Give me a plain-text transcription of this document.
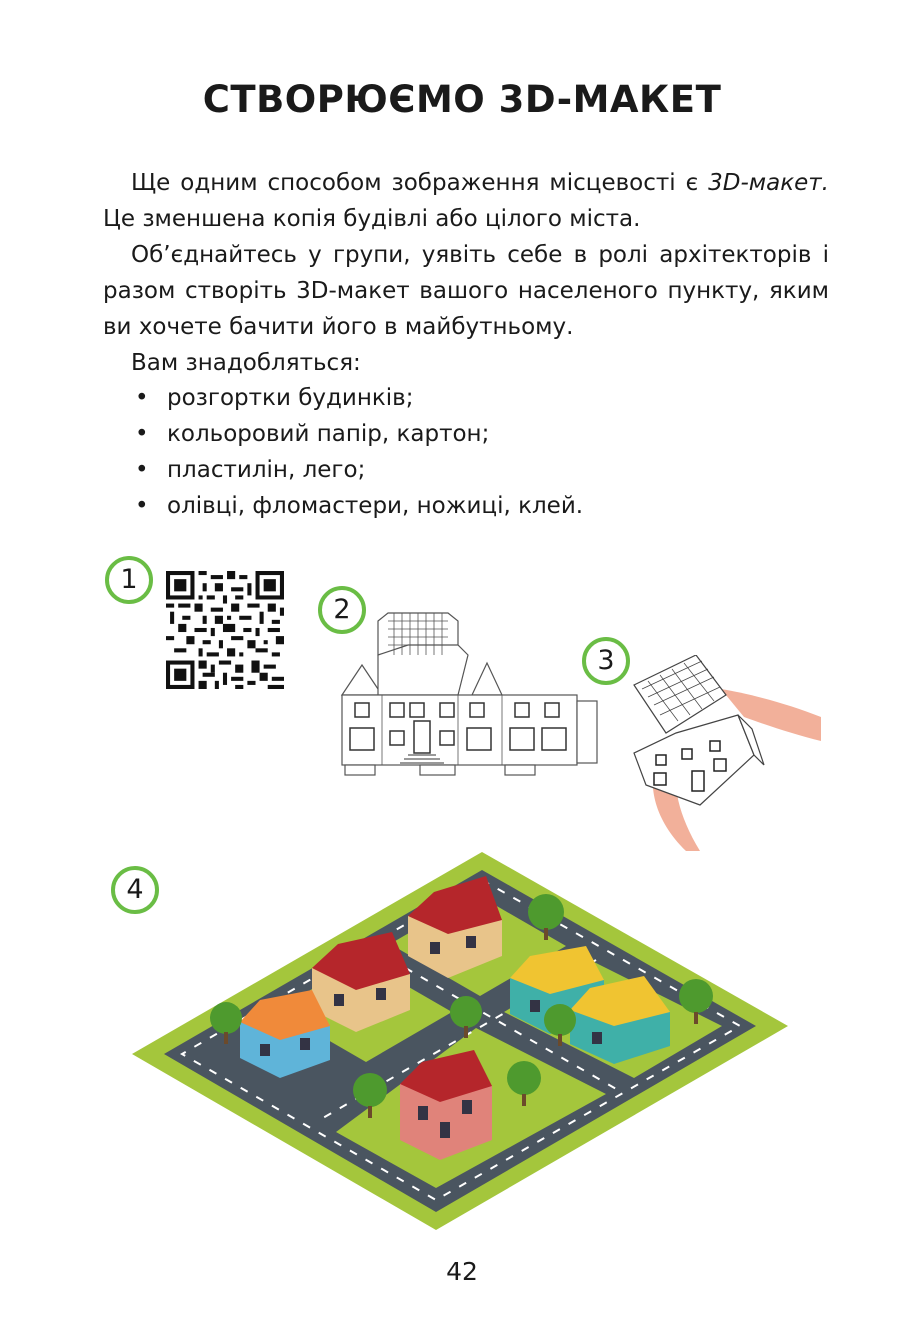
СТВОРЮЄМО 3D-МАКЕТ

Ще одним способом зображення місцевості є 3D-макет. Це зменшена копія будівлі або цілого міста.

Об’єднайтесь у групи, уявіть себе в ролі архітекторів і разом створіть 3D-макет вашого населеного пункту, яким ви хочете бачити його в майбутньому.

Вам знадобляться:

• розгортки будинків;
• кольоровий папір, картон;
• пластилін, лего;
• олівці, фломастери, ножиці, клей.
1
2
3
4
42
